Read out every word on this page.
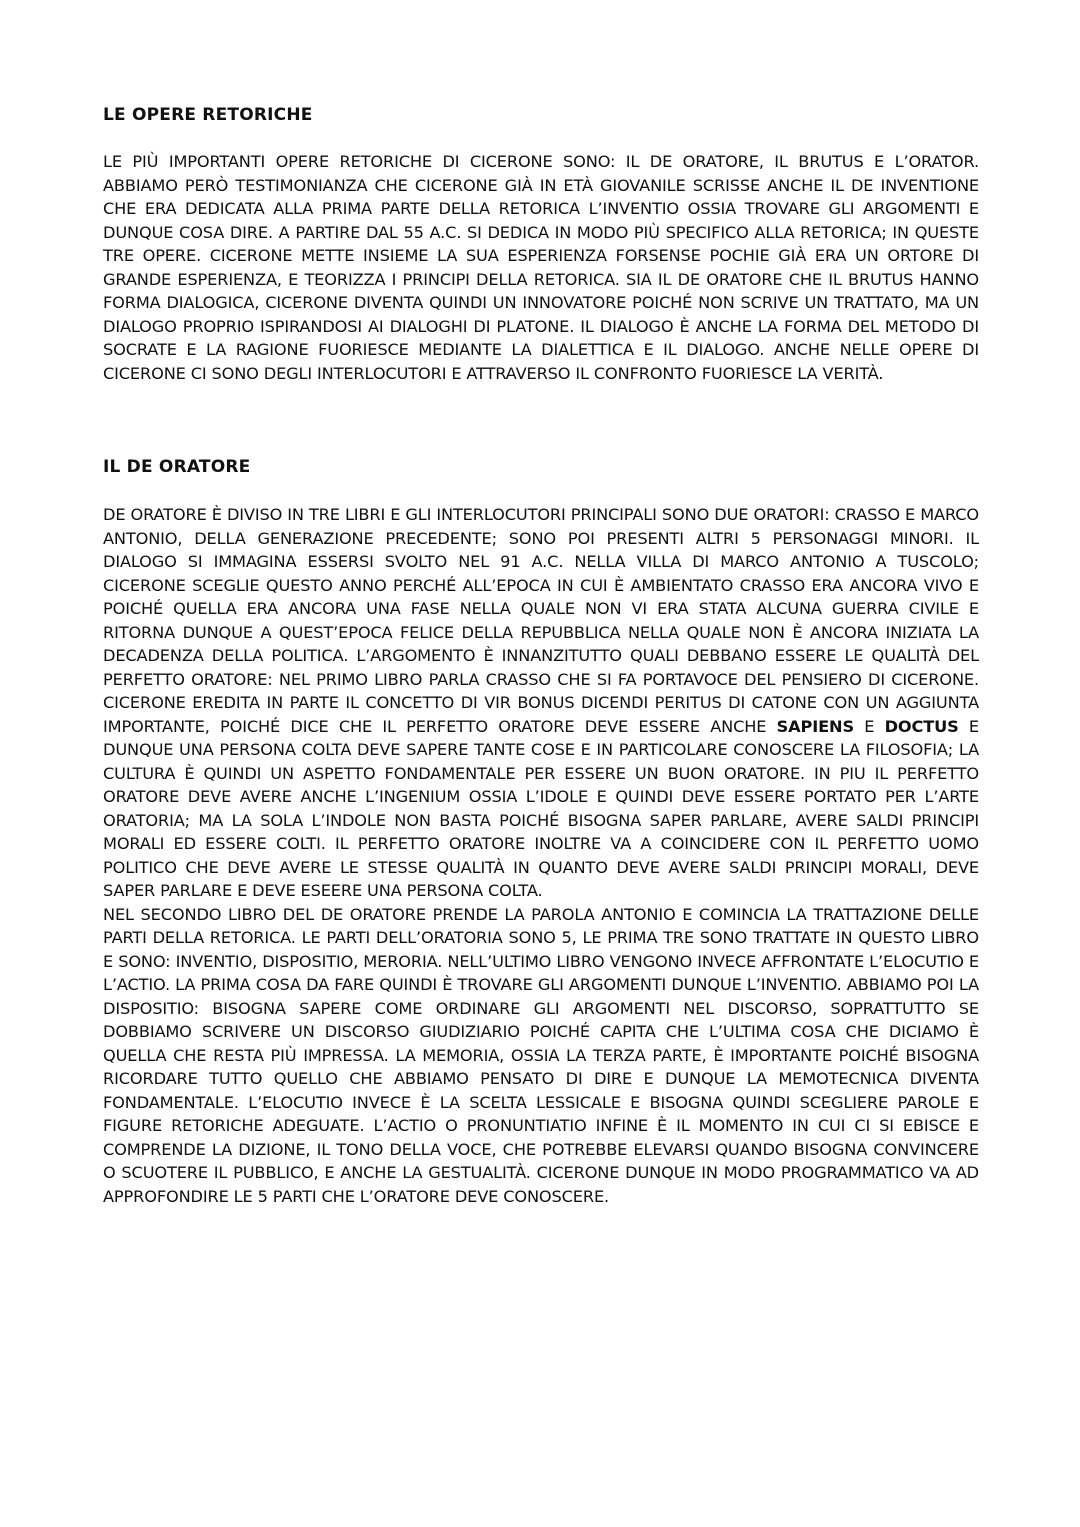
LE OPERE RETORICHE

LE PIÙ IMPORTANTI OPERE RETORICHE DI CICERONE SONO: IL DE ORATORE, IL BRUTUS E L’ORATOR. ABBIAMO PERÒ TESTIMONIANZA CHE CICERONE GIÀ IN ETÀ GIOVANILE SCRISSE ANCHE IL DE INVENTIONE CHE ERA DEDICATA ALLA PRIMA PARTE DELLA RETORICA L’INVENTIO OSSIA TROVARE GLI ARGOMENTI E DUNQUE COSA DIRE. A PARTIRE DAL 55 A.C. SI DEDICA IN MODO PIÙ SPECIFICO ALLA RETORICA; IN QUESTE TRE OPERE. CICERONE METTE INSIEME LA SUA ESPERIENZA FORSENSE POCHIE GIÀ ERA UN ORTORE DI GRANDE ESPERIENZA, E TEORIZZA I PRINCIPI DELLA RETORICA. SIA IL DE ORATORE CHE IL BRUTUS HANNO FORMA DIALOGICA, CICERONE DIVENTA QUINDI UN INNOVATORE POICHÉ NON SCRIVE UN TRATTATO, MA UN DIALOGO PROPRIO ISPIRANDOSI AI DIALOGHI DI PLATONE. IL DIALOGO È ANCHE LA FORMA DEL METODO DI SOCRATE E LA RAGIONE FUORIESCE MEDIANTE LA DIALETTICA E IL DIALOGO. ANCHE NELLE OPERE DI CICERONE CI SONO DEGLI INTERLOCUTORI E ATTRAVERSO IL CONFRONTO FUORIESCE LA VERITÀ.

IL DE ORATORE

DE ORATORE È DIVISO IN TRE LIBRI E GLI INTERLOCUTORI PRINCIPALI SONO DUE ORATORI: CRASSO E MARCO ANTONIO, DELLA GENERAZIONE PRECEDENTE; SONO POI PRESENTI ALTRI 5 PERSONAGGI MINORI. IL DIALOGO SI IMMAGINA ESSERSI SVOLTO NEL 91 A.C. NELLA VILLA DI MARCO ANTONIO A TUSCOLO; CICERONE SCEGLIE QUESTO ANNO PERCHÉ ALL’EPOCA IN CUI È AMBIENTATO CRASSO ERA ANCORA VIVO E POICHÉ QUELLA ERA ANCORA UNA FASE NELLA QUALE NON VI ERA STATA ALCUNA GUERRA CIVILE E RITORNA DUNQUE A QUEST’EPOCA FELICE DELLA REPUBBLICA NELLA QUALE NON È ANCORA INIZIATA LA DECADENZA DELLA POLITICA. L’ARGOMENTO È INNANZITUTTO QUALI DEBBANO ESSERE LE QUALITÀ DEL PERFETTO ORATORE: NEL PRIMO LIBRO PARLA CRASSO CHE SI FA PORTAVOCE DEL PENSIERO DI CICERONE. CICERONE EREDITA IN PARTE IL CONCETTO DI VIR BONUS DICENDI PERITUS DI CATONE CON UN AGGIUNTA IMPORTANTE, POICHÉ DICE CHE IL PERFETTO ORATORE DEVE ESSERE ANCHE SAPIENS E DOCTUS E DUNQUE UNA PERSONA COLTA DEVE SAPERE TANTE COSE E IN PARTICOLARE CONOSCERE LA FILOSOFIA; LA CULTURA È QUINDI UN ASPETTO FONDAMENTALE PER ESSERE UN BUON ORATORE. IN PIU IL PERFETTO ORATORE DEVE AVERE ANCHE L’INGENIUM OSSIA L’IDOLE E QUINDI DEVE ESSERE PORTATO PER L’ARTE ORATORIA; MA LA SOLA L’INDOLE NON BASTA POICHÉ BISOGNA SAPER PARLARE, AVERE SALDI PRINCIPI MORALI ED ESSERE COLTI. IL PERFETTO ORATORE INOLTRE VA A COINCIDERE CON IL PERFETTO UOMO POLITICO CHE DEVE AVERE LE STESSE QUALITÀ IN QUANTO DEVE AVERE SALDI PRINCIPI MORALI, DEVE SAPER PARLARE E DEVE ESEERE UNA PERSONA COLTA.

NEL SECONDO LIBRO DEL DE ORATORE PRENDE LA PAROLA ANTONIO E COMINCIA LA TRATTAZIONE DELLE PARTI DELLA RETORICA. LE PARTI DELL’ORATORIA SONO 5, LE PRIMA TRE SONO TRATTATE IN QUESTO LIBRO E SONO: INVENTIO, DISPOSITIO, MERORIA. NELL’ULTIMO LIBRO VENGONO INVECE AFFRONTATE L’ELOCUTIO E L’ACTIO. LA PRIMA COSA DA FARE QUINDI È TROVARE GLI ARGOMENTI DUNQUE L’INVENTIO. ABBIAMO POI LA DISPOSITIO: BISOGNA SAPERE COME ORDINARE GLI ARGOMENTI NEL DISCORSO, SOPRATTUTTO SE DOBBIAMO SCRIVERE UN DISCORSO GIUDIZIARIO POICHÉ CAPITA CHE L’ULTIMA COSA CHE DICIAMO È QUELLA CHE RESTA PIÙ IMPRESSA. LA MEMORIA, OSSIA LA TERZA PARTE, È IMPORTANTE POICHÉ BISOGNA RICORDARE TUTTO QUELLO CHE ABBIAMO PENSATO DI DIRE E DUNQUE LA MEMOTECNICA DIVENTA FONDAMENTALE. L’ELOCUTIO INVECE È LA SCELTA LESSICALE E BISOGNA QUINDI SCEGLIERE PAROLE E FIGURE RETORICHE ADEGUATE. L’ACTIO O PRONUNTIATIO INFINE È IL MOMENTO IN CUI CI SI EBISCE E COMPRENDE LA DIZIONE, IL TONO DELLA VOCE, CHE POTREBBE ELEVARSI QUANDO BISOGNA CONVINCERE O SCUOTERE IL PUBBLICO, E ANCHE LA GESTUALITÀ. CICERONE DUNQUE IN MODO PROGRAMMATICO VA AD APPROFONDIRE LE 5 PARTI CHE L’ORATORE DEVE CONOSCERE.
